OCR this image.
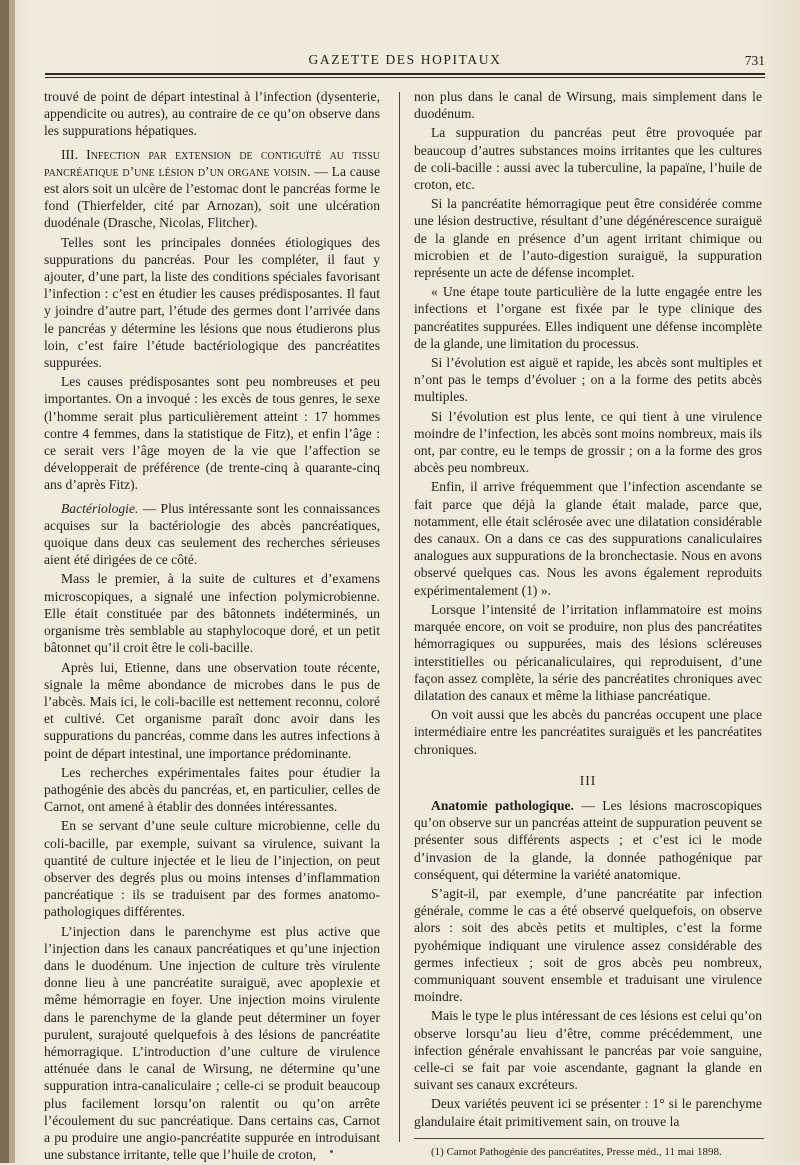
GAZETTE DES HOPITAUX	731

trouvé de point de départ intestinal à l’infection (dysenterie, appendicite ou autres), au contraire de ce qu’on observe dans les suppurations hépatiques.

III. Infection par extension de contiguïté au tissu pancréatique d’une lésion d’un organe voisin. — La cause est alors soit un ulcère de l’estomac dont le pancréas forme le fond (Thierfelder, cité par Arnozan), soit une ulcération duodénale (Drasche, Nicolas, Flitcher).

Telles sont les principales données étiologiques des suppurations du pancréas. Pour les compléter, il faut y ajouter, d’une part, la liste des conditions spéciales favorisant l’infection : c’est en étudier les causes prédisposantes. Il faut y joindre d’autre part, l’étude des germes dont l’arrivée dans le pancréas y détermine les lésions que nous étudierons plus loin, c’est faire l’étude bactériologique des pancréatites suppurées.

Les causes prédisposantes sont peu nombreuses et peu importantes. On a invoqué : les excès de tous genres, le sexe (l’homme serait plus particulièrement atteint : 17 hommes contre 4 femmes, dans la statistique de Fitz), et enfin l’âge : ce serait vers l’âge moyen de la vie que l’affection se développerait de préférence (de trente-cinq à quarante-cinq ans d’après Fitz).

Bactériologie. — Plus intéressante sont les connaissances acquises sur la bactériologie des abcès pancréatiques, quoique dans deux cas seulement des recherches sérieuses aient été dirigées de ce côté.

Mass le premier, à la suite de cultures et d’examens microscopiques, a signalé une infection polymicrobienne. Elle était constituée par des bâtonnets indéterminés, un organisme très semblable au staphylocoque doré, et un petit bâtonnet qu’il croit être le coli-bacille.

Après lui, Etienne, dans une observation toute récente, signale la même abondance de microbes dans le pus de l’abcès. Mais ici, le coli-bacille est nettement reconnu, coloré et cultivé. Cet organisme paraît donc avoir dans les suppurations du pancréas, comme dans les autres infections à point de départ intestinal, une importance prédominante.

Les recherches expérimentales faites pour étudier la pathogénie des abcès du pancréas, et, en particulier, celles de Carnot, ont amené à établir des données intéressantes.

En se servant d’une seule culture microbienne, celle du coli-bacille, par exemple, suivant sa virulence, suivant la quantité de culture injectée et le lieu de l’injection, on peut observer des degrés plus ou moins intenses d’inflammation pancréatique : ils se traduisent par des formes anatomo-pathologiques différentes.

L’injection dans le parenchyme est plus active que l’injection dans les canaux pancréatiques et qu’une injection dans le duodénum. Une injection de culture très virulente donne lieu à une pancréatite suraiguë, avec apoplexie et même hémorragie en foyer. Une injection moins virulente dans le parenchyme de la glande peut déterminer un foyer purulent, surajouté quelquefois à des lésions de pancréatite hémorragique. L’introduction d’une culture de virulence atténuée dans le canal de Wirsung, ne détermine qu’une suppuration intra-canaliculaire ; celle-ci se produit beaucoup plus facilement lorsqu’on ralentit ou qu’on arrête l’écoulement du suc pancréatique. Dans certains cas, Carnot a pu produire une angio-pancréatite suppurée en introduisant une substance irritante, telle que l’huile de croton,

non plus dans le canal de Wirsung, mais simplement dans le duodénum.

La suppuration du pancréas peut être provoquée par beaucoup d’autres substances moins irritantes que les cultures de coli-bacille : aussi avec la tuberculine, la papaïne, l’huile de croton, etc.

Si la pancréatite hémorragique peut être considérée comme une lésion destructive, résultant d’une dégénérescence suraiguë de la glande en présence d’un agent irritant chimique ou microbien et de l’auto-digestion suraiguë, la suppuration représente un acte de défense incomplet.

« Une étape toute particulière de la lutte engagée entre les infections et l’organe est fixée par le type clinique des pancréatites suppurées. Elles indiquent une défense incomplète de la glande, une limitation du processus.

Si l’évolution est aiguë et rapide, les abcès sont multiples et n’ont pas le temps d’évoluer ; on a la forme des petits abcès multiples.

Si l’évolution est plus lente, ce qui tient à une virulence moindre de l’infection, les abcès sont moins nombreux, mais ils ont, par contre, eu le temps de grossir ; on a la forme des gros abcès peu nombreux.

Enfin, il arrive fréquemment que l’infection ascendante se fait parce que déjà la glande était malade, parce que, notamment, elle était sclérosée avec une dilatation considérable des canaux. On a dans ce cas des suppurations canaliculaires analogues aux suppurations de la bronchectasie. Nous en avons observé quelques cas. Nous les avons également reproduits expérimentalement (1) ».

Lorsque l’intensité de l’irritation inflammatoire est moins marquée encore, on voit se produire, non plus des pancréatites hémorragiques ou suppurées, mais des lésions scléreuses interstitielles ou péricanaliculaires, qui reproduisent, d’une façon assez complète, la série des pancréatites chroniques avec dilatation des canaux et même la lithiase pancréatique.

On voit aussi que les abcès du pancréas occupent une place intermédiaire entre les pancréatites suraiguës et les pancréatites chroniques.

III

Anatomie pathologique. — Les lésions macroscopiques qu’on observe sur un pancréas atteint de suppuration peuvent se présenter sous différents aspects ; et c’est ici le mode d’invasion de la glande, la donnée pathogénique par conséquent, qui détermine la variété anatomique.

S’agit-il, par exemple, d’une pancréatite par infection générale, comme le cas a été observé quelquefois, on observe alors : soit des abcès petits et multiples, c’est la forme pyohémique indiquant une virulence assez considérable des germes infectieux ; soit de gros abcès peu nombreux, communiquant souvent ensemble et traduisant une virulence moindre.

Mais le type le plus intéressant de ces lésions est celui qu’on observe lorsqu’au lieu d’être, comme précédemment, une infection générale envahissant le pancréas par voie sanguine, celle-ci se fait par voie ascendante, gagnant la glande en suivant ses canaux excréteurs.

Deux variétés peuvent ici se présenter : 1° si le parenchyme glandulaire était primitivement sain, on trouve la

(1) Carnot Pathogénie des pancréatites, Presse méd., 11 mai 1898.
